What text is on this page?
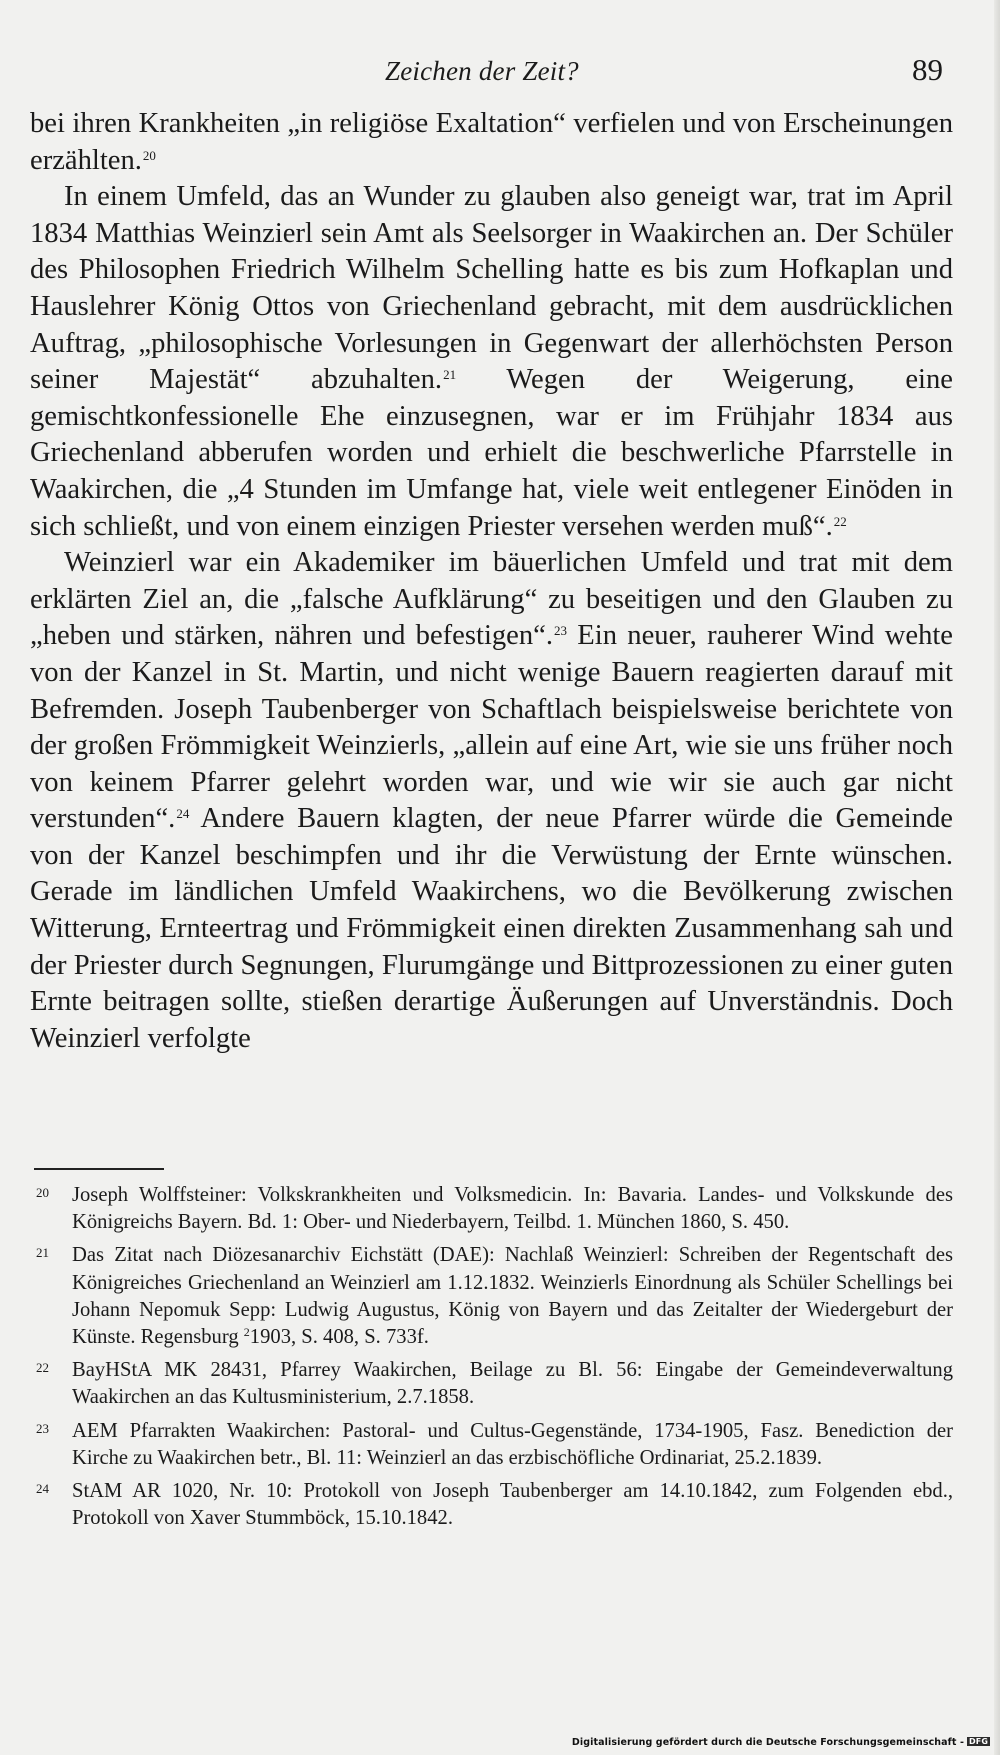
Zeichen der Zeit?	89

bei ihren Krankheiten „in religiöse Exaltation“ verfielen und von Erscheinungen erzählten.$^{20}$

In einem Umfeld, das an Wunder zu glauben also geneigt war, trat im April 1834 Matthias Weinzierl sein Amt als Seelsorger in Waakirchen an. Der Schüler des Philosophen Friedrich Wilhelm Schelling hatte es bis zum Hofkaplan und Hauslehrer König Ottos von Griechenland gebracht, mit dem ausdrücklichen Auftrag, „philosophische Vorlesungen in Gegenwart der allerhöchsten Person seiner Majestät“ abzuhalten.$^{21}$ Wegen der Weigerung, eine gemischtkonfessionelle Ehe einzusegnen, war er im Frühjahr 1834 aus Griechenland abberufen worden und erhielt die beschwerliche Pfarrstelle in Waakirchen, die „4 Stunden im Umfange hat, viele weit entlegener Einöden in sich schließt, und von einem einzigen Priester versehen werden muß“.$^{22}$

Weinzierl war ein Akademiker im bäuerlichen Umfeld und trat mit dem erklärten Ziel an, die „falsche Aufklärung“ zu beseitigen und den Glauben zu „heben und stärken, nähren und befestigen“.$^{23}$ Ein neuer, rauherer Wind wehte von der Kanzel in St. Martin, und nicht wenige Bauern reagierten darauf mit Befremden. Joseph Taubenberger von Schaftlach beispielsweise berichtete von der großen Frömmigkeit Weinzierls, „allein auf eine Art, wie sie uns früher noch von keinem Pfarrer gelehrt worden war, und wie wir sie auch gar nicht verstunden“.$^{24}$ Andere Bauern klagten, der neue Pfarrer würde die Gemeinde von der Kanzel beschimpfen und ihr die Verwüstung der Ernte wünschen. Gerade im ländlichen Umfeld Waakirchens, wo die Bevölkerung zwischen Witterung, Ernteertrag und Frömmigkeit einen direkten Zusammenhang sah und der Priester durch Segnungen, Flurumgänge und Bittprozessionen zu einer guten Ernte beitragen sollte, stießen derartige Äußerungen auf Unverständnis. Doch Weinzierl verfolgte

20 Joseph Wolffsteiner: Volkskrankheiten und Volksmedicin. In: Bavaria. Landes- und Volkskunde des Königreichs Bayern. Bd. 1: Ober- und Niederbayern, Teilbd. 1. München 1860, S. 450.
21 Das Zitat nach Diözesanarchiv Eichstätt (DAE): Nachlaß Weinzierl: Schreiben der Regentschaft des Königreiches Griechenland an Weinzierl am 1.12.1832. Weinzierls Einordnung als Schüler Schellings bei Johann Nepomuk Sepp: Ludwig Augustus, König von Bayern und das Zeitalter der Wiedergeburt der Künste. Regensburg $^2$1903, S. 408, S. 733f.
22 BayHStA MK 28431, Pfarrey Waakirchen, Beilage zu Bl. 56: Eingabe der Gemeindeverwaltung Waakirchen an das Kultusministerium, 2.7.1858.
23 AEM Pfarrakten Waakirchen: Pastoral- und Cultus-Gegenstände, 1734-1905, Fasz. Benediction der Kirche zu Waakirchen betr., Bl. 11: Weinzierl an das erzbischöfliche Ordinariat, 25.2.1839.
24 StAM AR 1020, Nr. 10: Protokoll von Joseph Taubenberger am 14.10.1842, zum Folgenden ebd., Protokoll von Xaver Stummböck, 15.10.1842.
Digitalisierung gefördert durch die Deutsche Forschungsgemeinschaft - DFG
